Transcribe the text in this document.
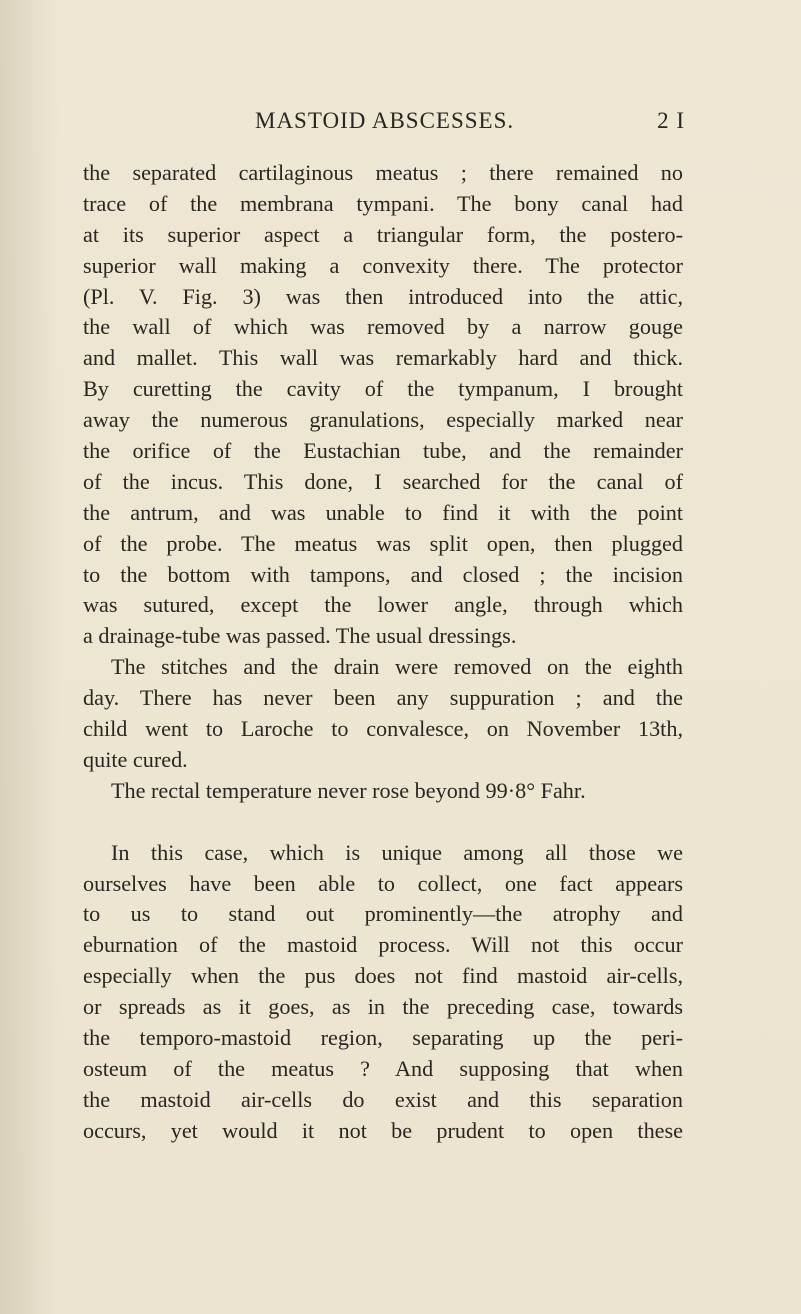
MASTOID ABSCESSES.	2 I
the separated cartilaginous meatus ; there remained no
trace of the membrana tympani. The bony canal had
at its superior aspect a triangular form, the postero-
superior wall making a convexity there. The protector
(Pl. V. Fig. 3) was then introduced into the attic,
the wall of which was removed by a narrow gouge
and mallet. This wall was remarkably hard and thick.
By curetting the cavity of the tympanum, I brought
away the numerous granulations, especially marked near
the orifice of the Eustachian tube, and the remainder
of the incus. This done, I searched for the canal of
the antrum, and was unable to find it with the point
of the probe. The meatus was split open, then plugged
to the bottom with tampons, and closed ; the incision
was sutured, except the lower angle, through which
a drainage-tube was passed. The usual dressings.
The stitches and the drain were removed on the eighth
day. There has never been any suppuration ; and the
child went to Laroche to convalesce, on November 13th,
quite cured.
The rectal temperature never rose beyond 99·8° Fahr.
In this case, which is unique among all those we
ourselves have been able to collect, one fact appears
to us to stand out prominently—the atrophy and
eburnation of the mastoid process. Will not this occur
especially when the pus does not find mastoid air-cells,
or spreads as it goes, as in the preceding case, towards
the temporo-mastoid region, separating up the peri-
osteum of the meatus ? And supposing that when
the mastoid air-cells do exist and this separation
occurs, yet would it not be prudent to open these
